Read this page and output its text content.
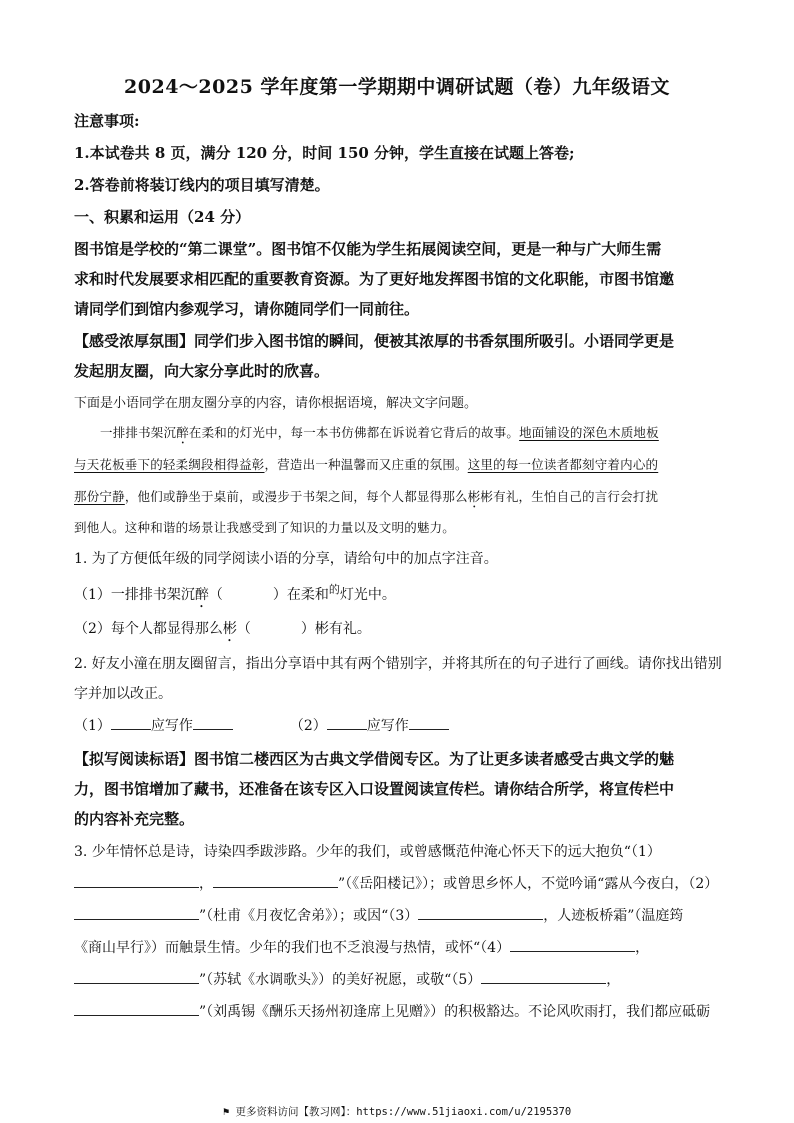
2024～2025 学年度第一学期期中调研试题（卷）九年级语文
注意事项:
1.本试卷共 8 页，满分 120 分，时间 150 分钟，学生直接在试题上答卷;
2.答卷前将装订线内的项目填写清楚。
一、积累和运用（24 分）
图书馆是学校的“第二课堂”。图书馆不仅能为学生拓展阅读空间，更是一种与广大师生需
求和时代发展要求相匹配的重要教育资源。为了更好地发挥图书馆的文化职能，市图书馆邀
请同学们到馆内参观学习，请你随同学们一同前往。
【感受浓厚氛围】同学们步入图书馆的瞬间，便被其浓厚的书香氛围所吸引。小语同学更是
发起朋友圈，向大家分享此时的欣喜。
下面是小语同学在朋友圈分享的内容，请你根据语境，解决文字问题。
一排排书架沉醉在柔和的灯光中，每一本书仿佛都在诉说着它背后的故事。地面铺设的深色木质地板
与天花板垂下的轻柔绸段相得益彰，营造出一种温馨而又庄重的氛围。这里的每一位读者都刻守着内心的
那份宁静，他们或静坐于桌前，或漫步于书架之间，每个人都显得那么彬彬有礼，生怕自己的言行会打扰
到他人。这种和谐的场景让我感受到了知识的力量以及文明的魅力。
1. 为了方便低年级的同学阅读小语的分享，请给句中的加点字注音。
（1）一排排书架沉醉（	）在柔和$^的$灯光中。
（2）每个人都显得那么彬（	）彬有礼。
2. 好友小潼在朋友圈留言，指出分享语中其有两个错别字，并将其所在的句子进行了画线。请你找出错别
字并加以改正。
（1）	应写作	（2）	应写作
【拟写阅读标语】图书馆二楼西区为古典文学借阅专区。为了让更多读者感受古典文学的魅
力，图书馆增加了藏书，还准备在该专区入口设置阅读宣传栏。请你结合所学，将宣传栏中
的内容补充完整。
3. 少年情怀总是诗，诗染四季跋涉路。少年的我们，或曾感慨范仲淹心怀天下的远大抱负“（1）
，	”（《岳阳楼记》）；或曾思乡怀人，不觉吟诵“露从今夜白，（2）
”（杜甫《月夜忆舍弟》）；或因“（3）	，人迹板桥霜”（温庭筠
《商山早行》）而触景生情。少年的我们也不乏浪漫与热情，或怀“（4）	，
”（苏轼《水调歌头》）的美好祝愿，或敬“（5）	，
”（刘禹锡《酬乐天扬州初逢席上见赠》）的积极豁达。不论风吹雨打，我们都应砥砺
⚑ 更多资料访问【教习网】：https://www.51jiaoxi.com/u/2195370
